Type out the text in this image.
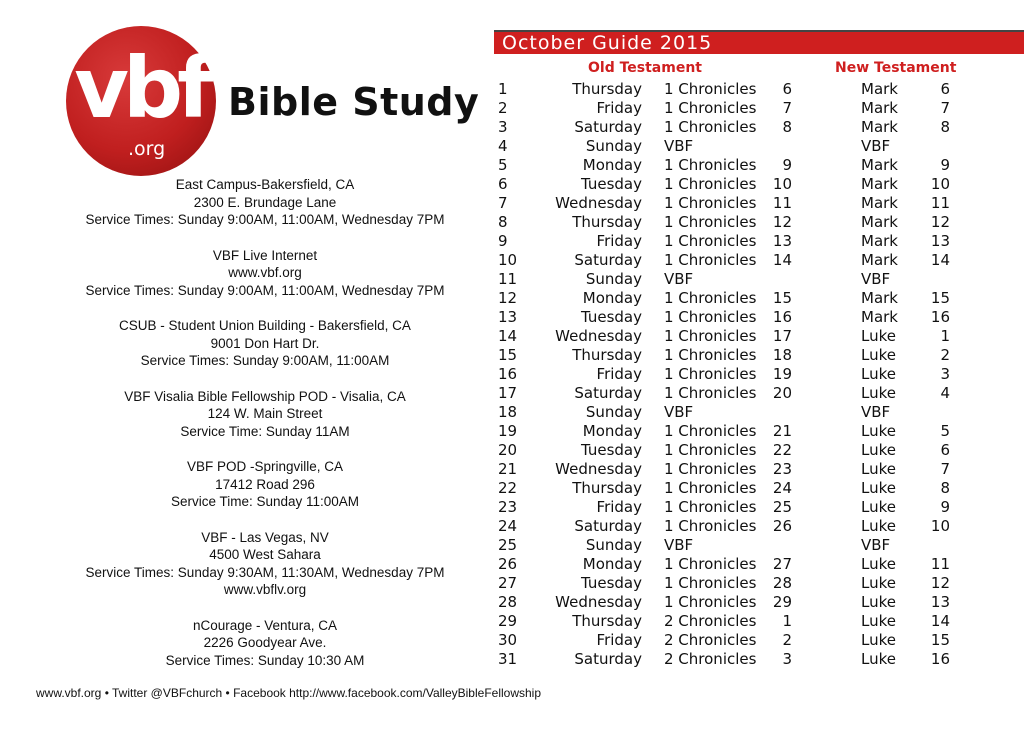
vbf
.org
Bible Study
East Campus-Bakersfield, CA
2300 E. Brundage Lane
Service Times: Sunday 9:00AM, 11:00AM, Wednesday 7PM
VBF Live Internet
www.vbf.org
Service Times: Sunday 9:00AM, 11:00AM, Wednesday 7PM
CSUB - Student Union Building - Bakersfield, CA
9001 Don Hart Dr.
Service Times: Sunday 9:00AM, 11:00AM
VBF Visalia Bible Fellowship POD - Visalia, CA
124 W. Main Street
Service Time: Sunday 11AM
VBF POD -Springville, CA
17412 Road 296
Service Time: Sunday 11:00AM
VBF - Las Vegas, NV
4500 West Sahara
Service Times: Sunday 9:30AM, 11:30AM, Wednesday 7PM
www.vbflv.org
nCourage - Ventura, CA
2226 Goodyear Ave.
Service Times: Sunday 10:30 AM
www.vbf.org • Twitter @VBFchurch • Facebook http://www.facebook.com/ValleyBibleFellowship
October Guide 2015
Old Testament	New Testament
1	Thursday 1 Chronicles	6	Mark	6
2	Friday 1 Chronicles	7	Mark	7
3	Saturday 1 Chronicles	8	Mark	8
4	Sunday VBF	VBF
5	Monday 1 Chronicles	9	Mark	9
6	Tuesday 1 Chronicles	10	Mark 10
7	Wednesday 1 Chronicles	11	Mark 11
8	Thursday 1 Chronicles	12	Mark 12
9	Friday 1 Chronicles	13	Mark 13
10	Saturday 1 Chronicles	14	Mark 14
11	Sunday VBF	VBF
12	Monday 1 Chronicles	15	Mark 15
13	Tuesday 1 Chronicles	16	Mark 16
14	Wednesday 1 Chronicles	17	Luke	1
15	Thursday 1 Chronicles	18	Luke	2
16	Friday 1 Chronicles	19	Luke	3
17	Saturday 1 Chronicles	20	Luke	4
18	Sunday VBF	VBF
19	Monday 1 Chronicles	21	Luke	5
20	Tuesday 1 Chronicles	22	Luke	6
21	Wednesday 1 Chronicles	23	Luke	7
22	Thursday 1 Chronicles	24	Luke	8
23	Friday 1 Chronicles	25	Luke	9
24	Saturday 1 Chronicles	26	Luke 10
25	Sunday VBF	VBF
26	Monday 1 Chronicles	27	Luke 11
27	Tuesday 1 Chronicles	28	Luke 12
28	Wednesday 1 Chronicles	29	Luke 13
29	Thursday 2 Chronicles	1	Luke 14
30	Friday 2 Chronicles	2	Luke 15
31	Saturday 2 Chronicles	3	Luke 16
